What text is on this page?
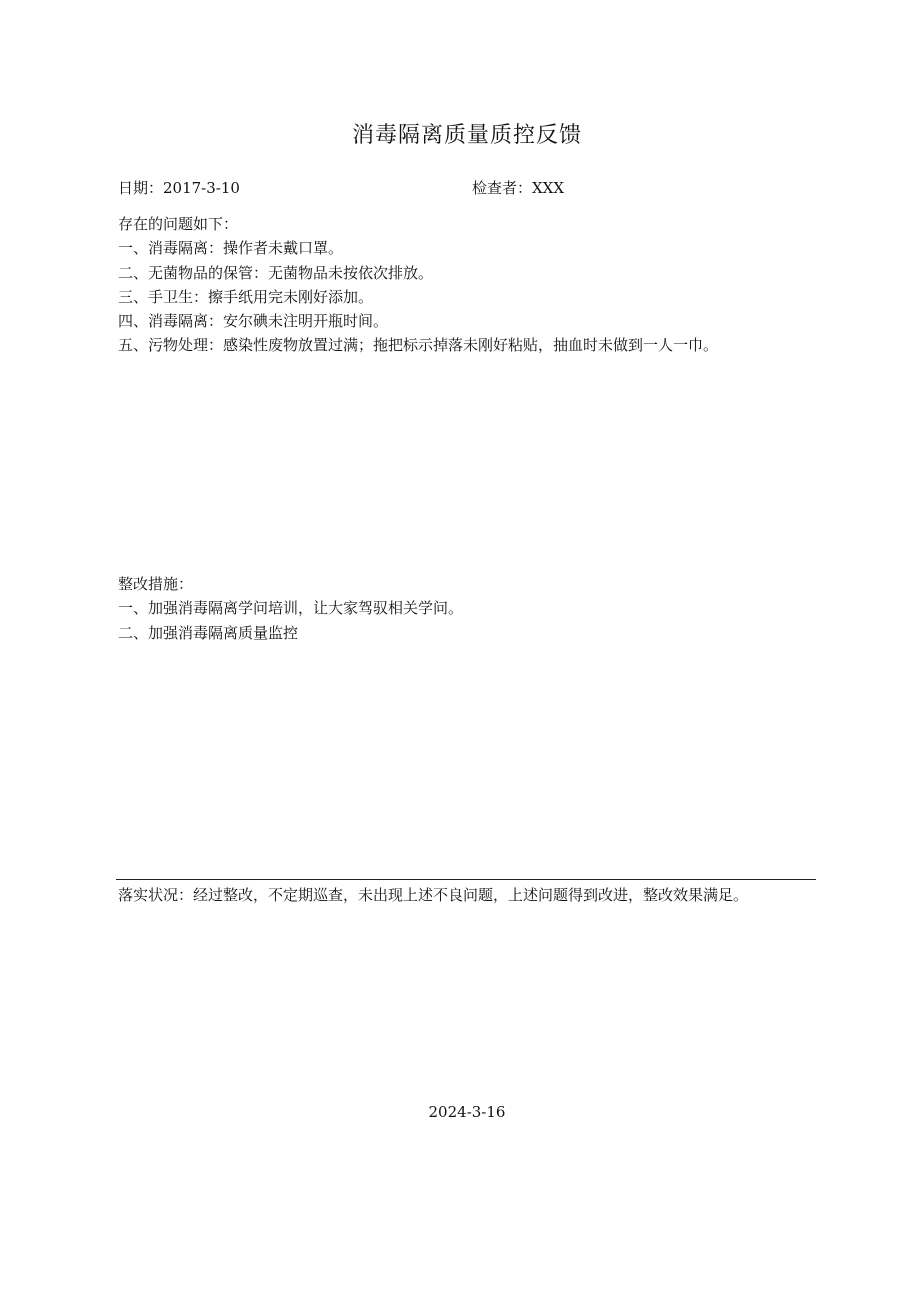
消毒隔离质量质控反馈
日期：2017-3-10	检查者：XXX
存在的问题如下：
一、消毒隔离：操作者未戴口罩。
二、无菌物品的保管：无菌物品未按依次排放。
三、手卫生：擦手纸用完未刚好添加。
四、消毒隔离：安尔碘未注明开瓶时间。
五、污物处理：感染性废物放置过满；拖把标示掉落未刚好粘贴，抽血时未做到一人一巾。
整改措施：
一、加强消毒隔离学问培训，让大家驾驭相关学问。
二、加强消毒隔离质量监控
落实状况：经过整改，不定期巡查，未出现上述不良问题，上述问题得到改进，整改效果满足。
2024-3-16
